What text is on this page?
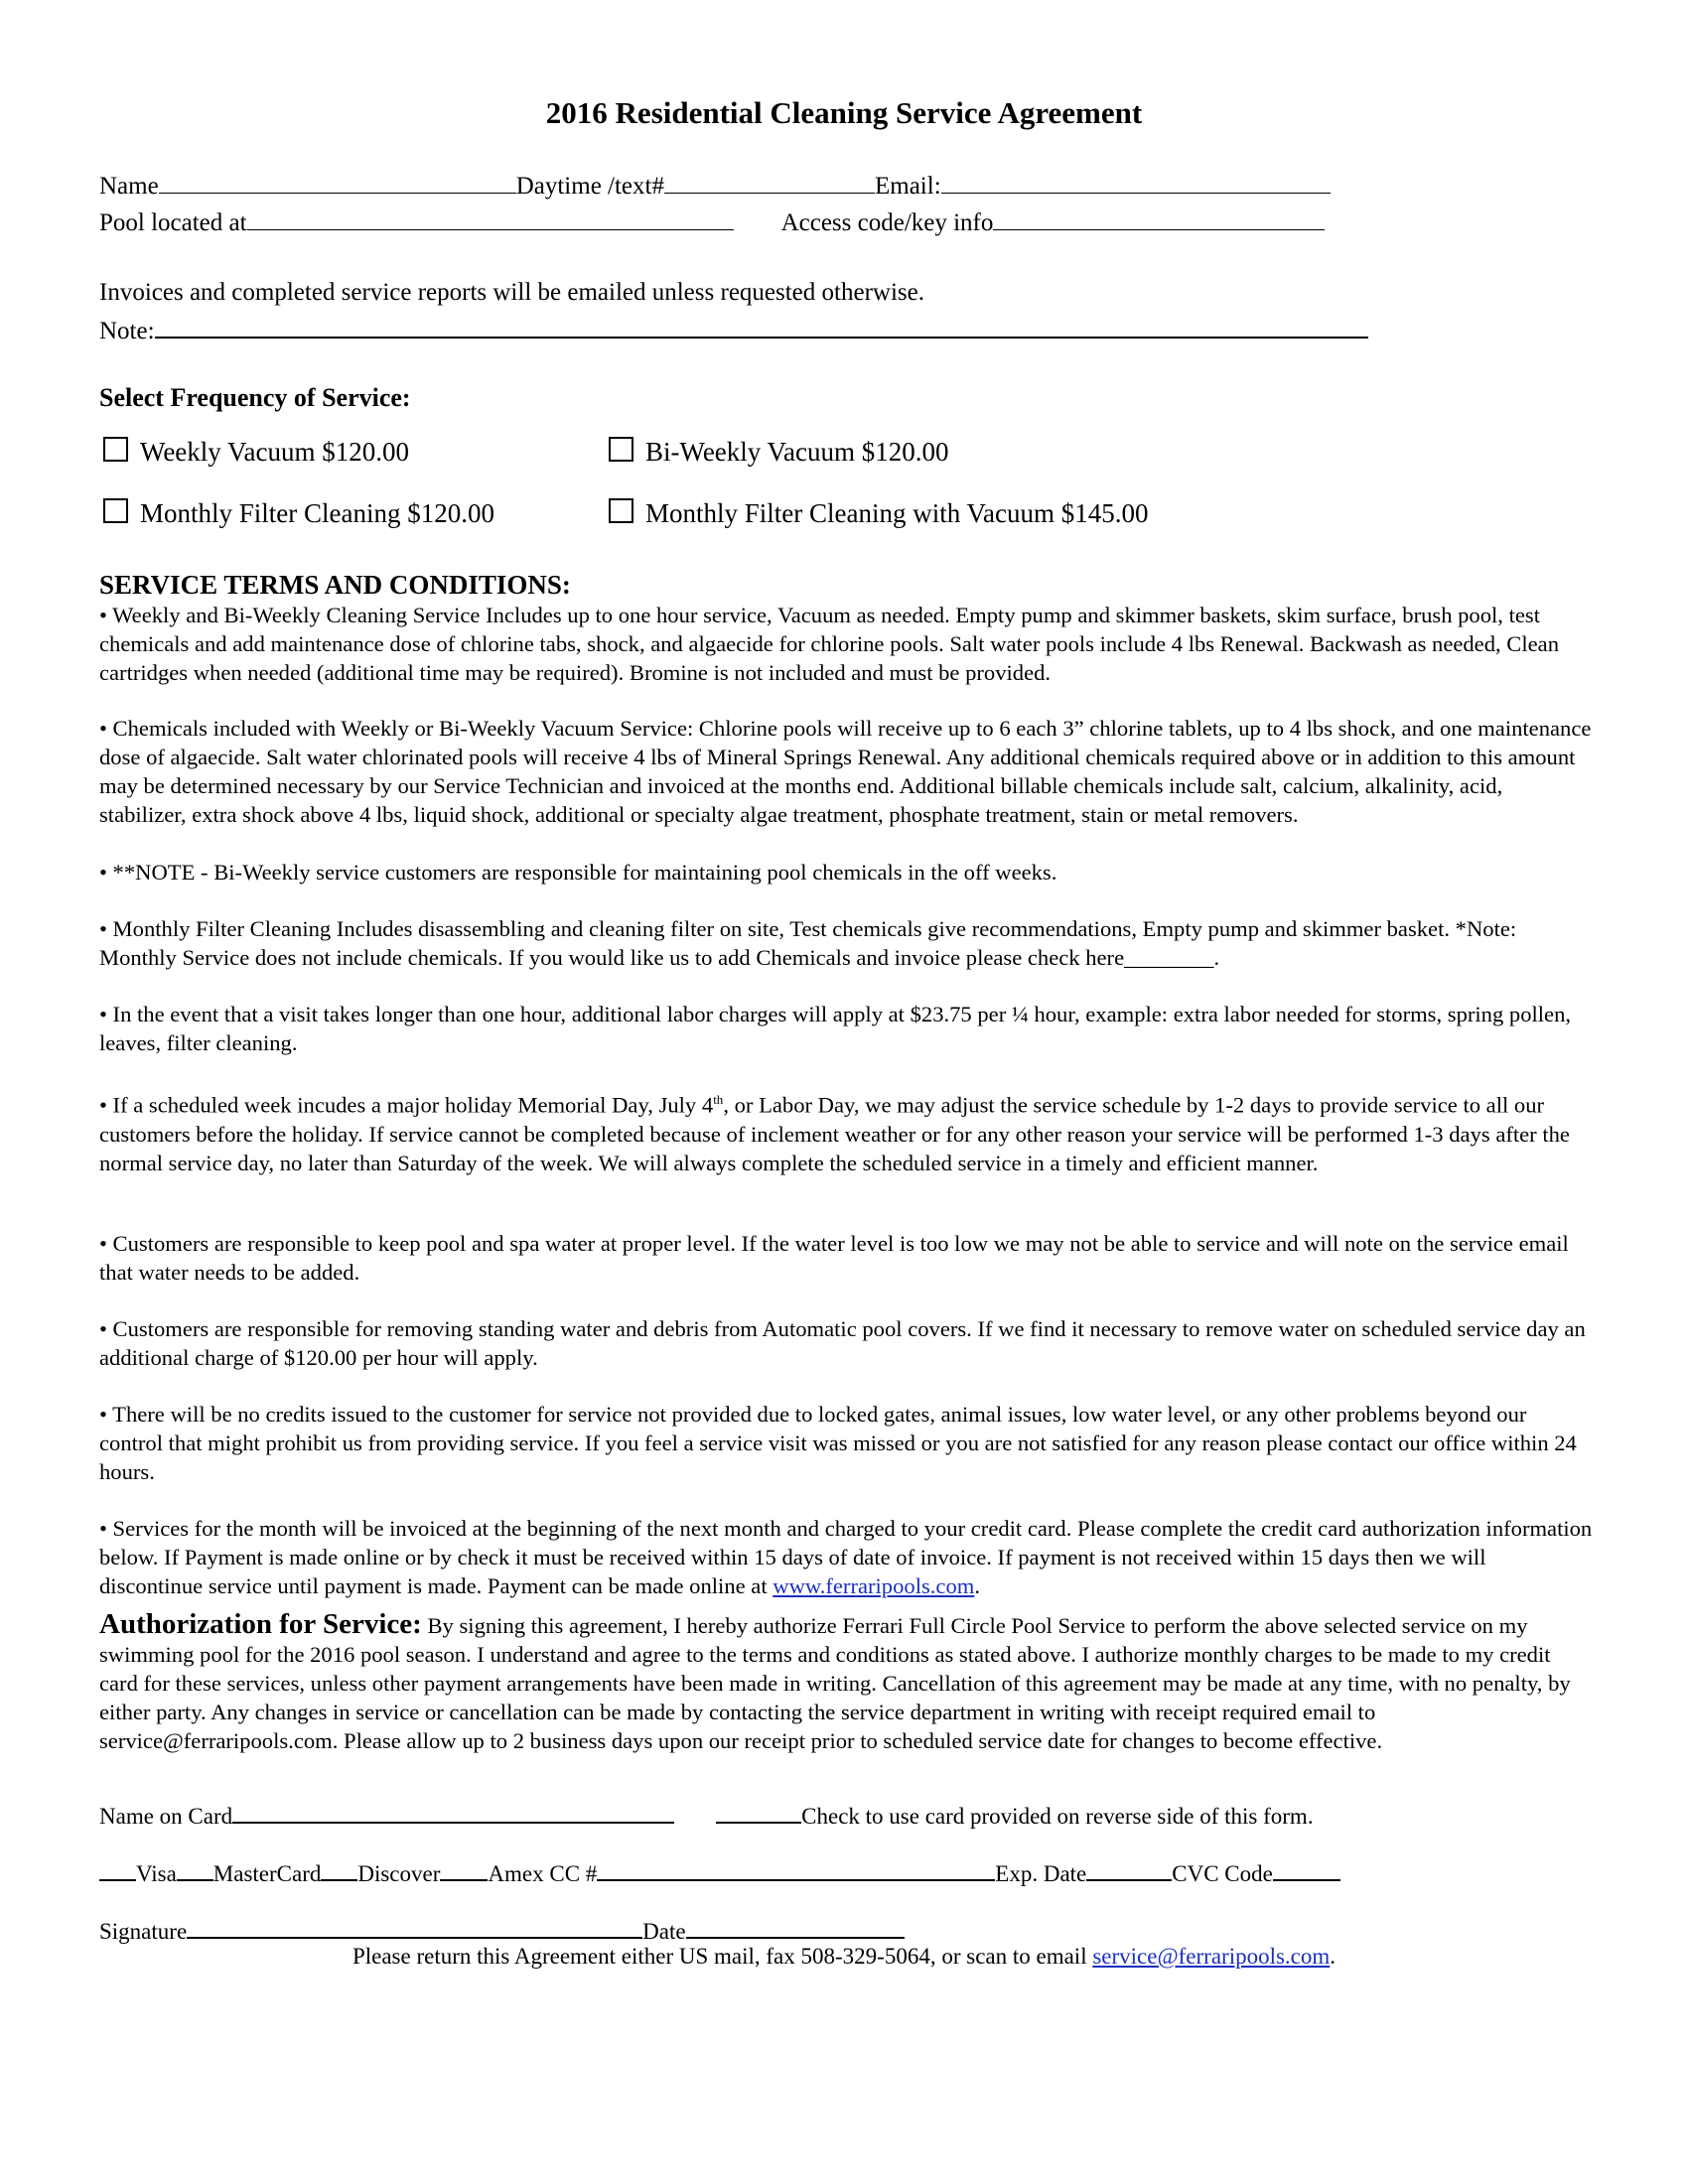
2016 Residential Cleaning Service Agreement
Name	Daytime /text#	Email:
Pool located at	Access code/key info
Invoices and completed service reports will be emailed unless requested otherwise.
Note:
Select Frequency of Service:
Weekly Vacuum $120.00	Bi-Weekly Vacuum $120.00
Monthly Filter Cleaning $120.00	Monthly Filter Cleaning with Vacuum $145.00
SERVICE TERMS AND CONDITIONS:
• Weekly and Bi-Weekly Cleaning Service Includes up to one hour service, Vacuum as needed. Empty pump and skimmer baskets, skim surface, brush pool, test chemicals and add maintenance dose of chlorine tabs, shock, and algaecide for chlorine pools. Salt water pools include 4 lbs Renewal. Backwash as needed, Clean cartridges when needed (additional time may be required). Bromine is not included and must be provided.
• Chemicals included with Weekly or Bi-Weekly Vacuum Service: Chlorine pools will receive up to 6 each 3” chlorine tablets, up to 4 lbs shock, and one maintenance dose of algaecide. Salt water chlorinated pools will receive 4 lbs of Mineral Springs Renewal. Any additional chemicals required above or in addition to this amount may be determined necessary by our Service Technician and invoiced at the months end. Additional billable chemicals include salt, calcium, alkalinity, acid, stabilizer, extra shock above 4 lbs, liquid shock, additional or specialty algae treatment, phosphate treatment, stain or metal removers.
• **NOTE - Bi-Weekly service customers are responsible for maintaining pool chemicals in the off weeks.
• Monthly Filter Cleaning Includes disassembling and cleaning filter on site, Test chemicals give recommendations, Empty pump and skimmer basket. *Note: Monthly Service does not include chemicals. If you would like us to add Chemicals and invoice please check here________.
• In the event that a visit takes longer than one hour, additional labor charges will apply at $23.75 per ¼ hour, example: extra labor needed for storms, spring pollen, leaves, filter cleaning.
• If a scheduled week incudes a major holiday Memorial Day, July 4th, or Labor Day, we may adjust the service schedule by 1-2 days to provide service to all our customers before the holiday. If service cannot be completed because of inclement weather or for any other reason your service will be performed 1-3 days after the normal service day, no later than Saturday of the week. We will always complete the scheduled service in a timely and efficient manner.
• Customers are responsible to keep pool and spa water at proper level. If the water level is too low we may not be able to service and will note on the service email that water needs to be added.
• Customers are responsible for removing standing water and debris from Automatic pool covers. If we find it necessary to remove water on scheduled service day an additional charge of $120.00 per hour will apply.
• There will be no credits issued to the customer for service not provided due to locked gates, animal issues, low water level, or any other problems beyond our control that might prohibit us from providing service. If you feel a service visit was missed or you are not satisfied for any reason please contact our office within 24 hours.
• Services for the month will be invoiced at the beginning of the next month and charged to your credit card. Please complete the credit card authorization information below. If Payment is made online or by check it must be received within 15 days of date of invoice. If payment is not received within 15 days then we will discontinue service until payment is made. Payment can be made online at www.ferraripools.com.
Authorization for Service: By signing this agreement, I hereby authorize Ferrari Full Circle Pool Service to perform the above selected service on my swimming pool for the 2016 pool season. I understand and agree to the terms and conditions as stated above. I authorize monthly charges to be made to my credit card for these services, unless other payment arrangements have been made in writing. Cancellation of this agreement may be made at any time, with no penalty, by either party. Any changes in service or cancellation can be made by contacting the service department in writing with receipt required email to service@ferraripools.com. Please allow up to 2 business days upon our receipt prior to scheduled service date for changes to become effective.
Name on Card	Check to use card provided on reverse side of this form.
Visa MasterCard Discover Amex CC #	Exp. Date	CVC Code
Signature	Date
Please return this Agreement either US mail, fax 508-329-5064, or scan to email service@ferraripools.com.
